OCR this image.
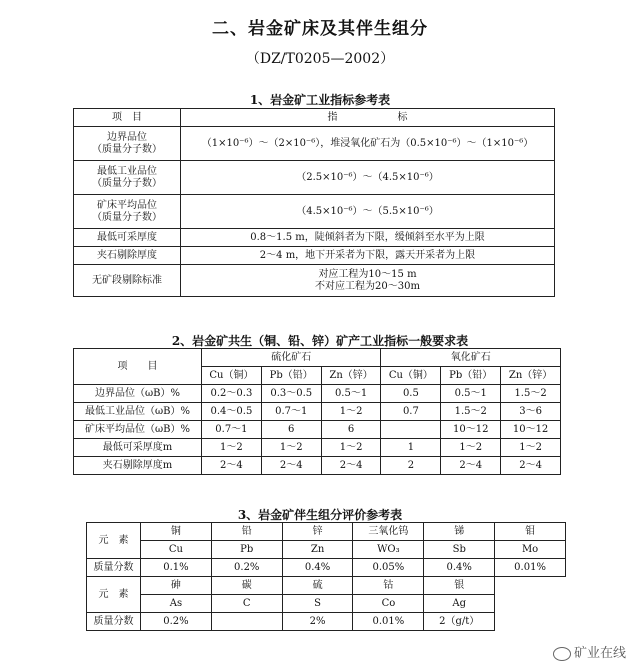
二、岩金矿床及其伴生组分
（DZ/T0205—2002）
1、岩金矿工业指标参考表
项　目	指　　　　　　标
边界品位
（质量分子数）	（1×10⁻⁶）～（2×10⁻⁶），堆浸氧化矿石为（0.5×10⁻⁶）～（1×10⁻⁶）
最低工业品位
（质量分子数）	（2.5×10⁻⁶）～（4.5×10⁻⁶）
矿床平均品位
（质量分子数）	（4.5×10⁻⁶）～（5.5×10⁻⁶）
最低可采厚度	0.8～1.5 m，陡倾斜者为下限，缓倾斜至水平为上限
夹石剔除厚度	2～4 m，地下开采者为下限，露天开采者为上限
无矿段剔除标准	对应工程为10～15 m
不对应工程为20～30m
2、岩金矿共生（铜、铅、锌）矿产工业指标一般要求表
项　　目	硫化矿石			氧化矿石		
	Cu（铜）	Pb（铅）	Zn（锌）	Cu（铜）	Pb（铅）	Zn（锌）
边界品位（ωB）%	0.2～0.3	0.3～0.5	0.5～1	0.5	0.5～1	1.5～2
最低工业品位（ωB）%	0.4～0.5	0.7～1	1～2	0.7	1.5～2	3～6
矿床平均品位（ωB）%	0.7～1	6	6		10～12	10～12
最低可采厚度m	1～2	1～2	1～2	1	1～2	1～2
夹石剔除厚度m	2～4	2～4	2～4	2	2～4	2～4
3、岩金矿伴生组分评价参考表
元　素	铜	铅	锌	三氧化钨	锑	钼
	Cu	Pb	Zn	WO₃	Sb	Mo
质量分数	0.1%	0.2%	0.4%	0.05%	0.4%	0.01%
元　素	砷	碳	硫	钴	银	
	As	C	S	Co	Ag	
质量分数	0.2%		2%	0.01%	2（g/t）	
矿业在线
